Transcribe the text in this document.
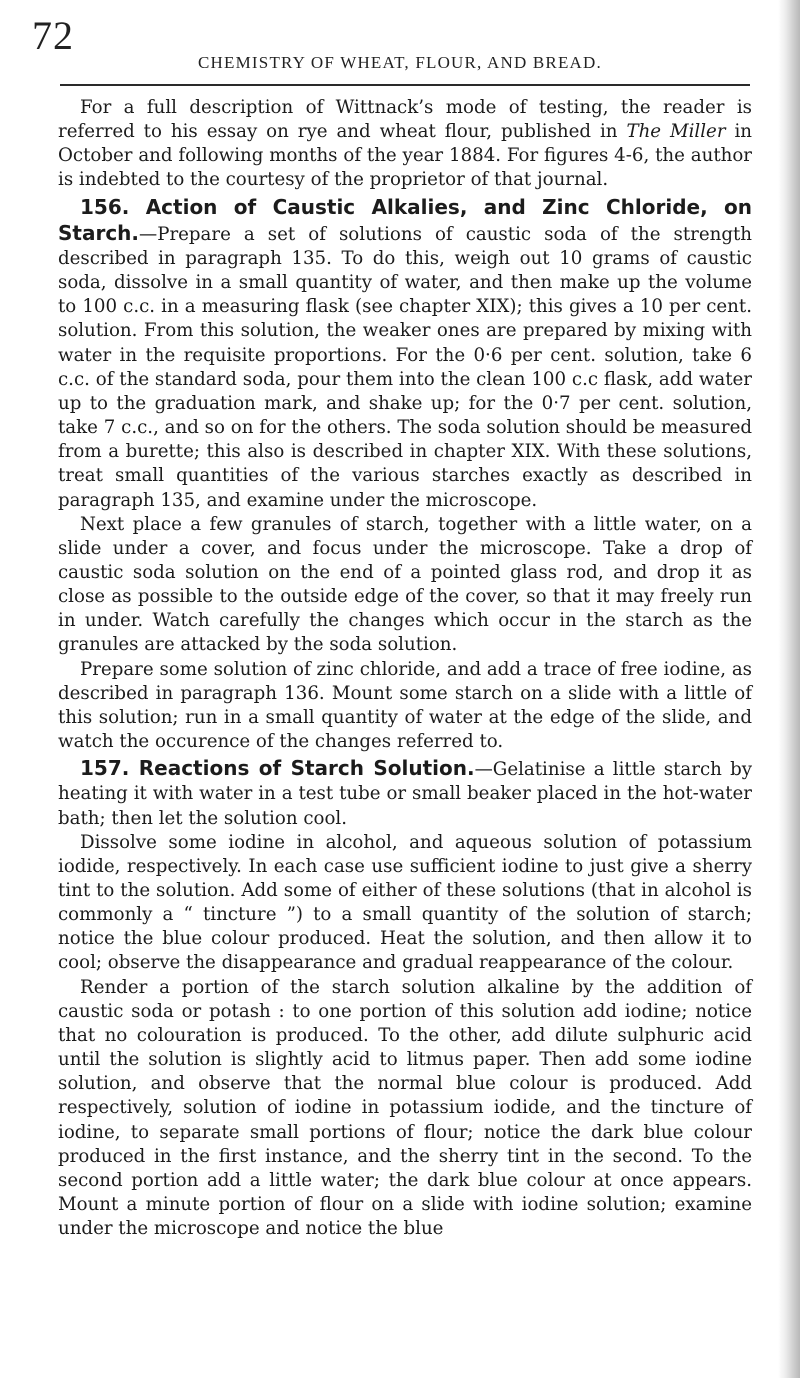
72
CHEMISTRY OF WHEAT, FLOUR, AND BREAD.

For a full description of Wittnack’s mode of testing, the reader is referred to his essay on rye and wheat flour, published in The Miller in October and following months of the year 1884. For figures 4-6, the author is indebted to the courtesy of the proprietor of that journal.

156. Action of Caustic Alkalies, and Zinc Chloride, on Starch.—Prepare a set of solutions of caustic soda of the strength described in paragraph 135. To do this, weigh out 10 grams of caustic soda, dissolve in a small quantity of water, and then make up the volume to 100 c.c. in a measuring flask (see chapter XIX); this gives a 10 per cent. solution. From this solution, the weaker ones are prepared by mixing with water in the requisite proportions. For the 0·6 per cent. solution, take 6 c.c. of the standard soda, pour them into the clean 100 c.c flask, add water up to the graduation mark, and shake up; for the 0·7 per cent. solution, take 7 c.c., and so on for the others. The soda solution should be measured from a burette; this also is described in chapter XIX. With these solutions, treat small quantities of the various starches exactly as described in paragraph 135, and examine under the microscope.

Next place a few granules of starch, together with a little water, on a slide under a cover, and focus under the microscope. Take a drop of caustic soda solution on the end of a pointed glass rod, and drop it as close as possible to the outside edge of the cover, so that it may freely run in under. Watch carefully the changes which occur in the starch as the granules are attacked by the soda solution.

Prepare some solution of zinc chloride, and add a trace of free iodine, as described in paragraph 136. Mount some starch on a slide with a little of this solution; run in a small quantity of water at the edge of the slide, and watch the occurence of the changes referred to.

157. Reactions of Starch Solution.—Gelatinise a little starch by heating it with water in a test tube or small beaker placed in the hot-water bath; then let the solution cool.

Dissolve some iodine in alcohol, and aqueous solution of potassium iodide, respectively. In each case use sufficient iodine to just give a sherry tint to the solution. Add some of either of these solutions (that in alcohol is commonly a “ tincture ”) to a small quantity of the solution of starch; notice the blue colour produced. Heat the solution, and then allow it to cool; observe the disappearance and gradual reappearance of the colour.

Render a portion of the starch solution alkaline by the addition of caustic soda or potash : to one portion of this solution add iodine; notice that no colouration is produced. To the other, add dilute sulphuric acid until the solution is slightly acid to litmus paper. Then add some iodine solution, and observe that the normal blue colour is produced. Add respectively, solution of iodine in potassium iodide, and the tincture of iodine, to separate small portions of flour; notice the dark blue colour produced in the first instance, and the sherry tint in the second. To the second portion add a little water; the dark blue colour at once appears. Mount a minute portion of flour on a slide with iodine solution; examine under the microscope and notice the blue
